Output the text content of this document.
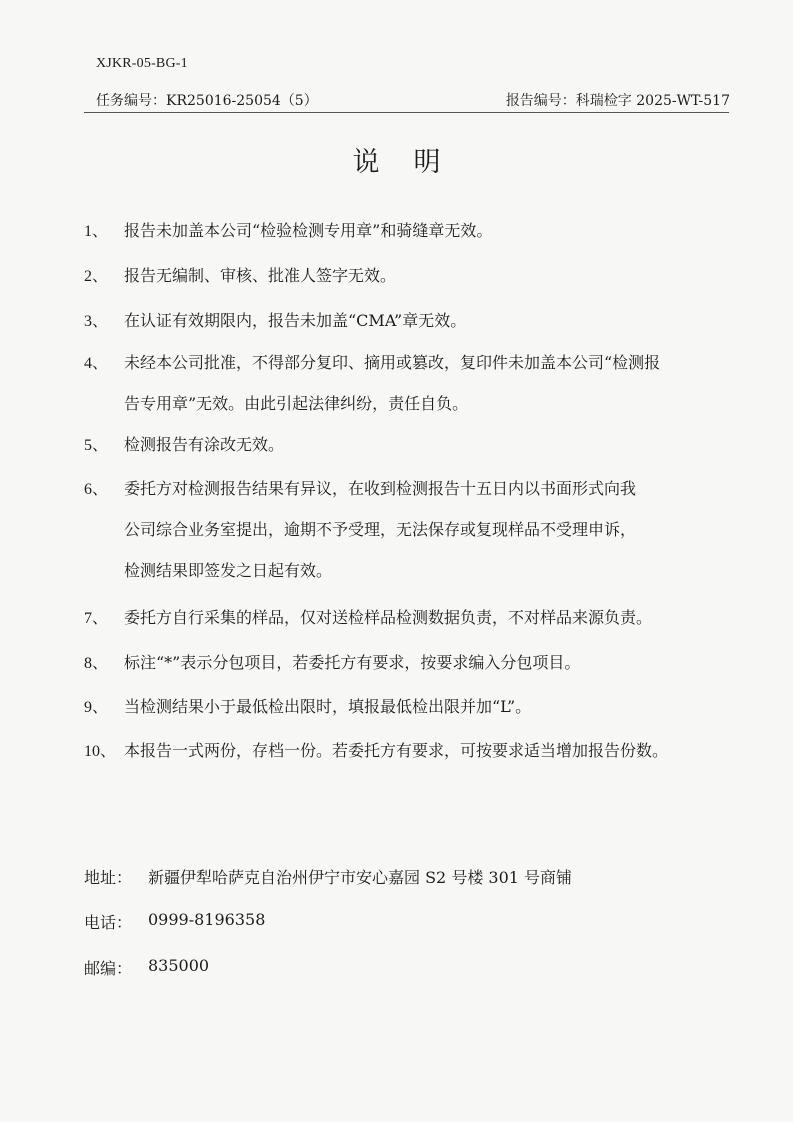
XJKR-05-BG-1
任务编号：KR25016-25054（5）	报告编号：科瑞检字 2025-WT-517
说明
1、 报告未加盖本公司“检验检测专用章”和骑缝章无效。
2、 报告无编制、审核、批准人签字无效。
3、 在认证有效期限内，报告未加盖“CMA”章无效。
4、 未经本公司批准，不得部分复印、摘用或篡改，复印件未加盖本公司“检测报
告专用章”无效。由此引起法律纠纷，责任自负。
5、 检测报告有涂改无效。
6、 委托方对检测报告结果有异议，在收到检测报告十五日内以书面形式向我
公司综合业务室提出，逾期不予受理，无法保存或复现样品不受理申诉，
检测结果即签发之日起有效。
7、 委托方自行采集的样品，仅对送检样品检测数据负责，不对样品来源负责。
8、 标注“*”表示分包项目，若委托方有要求，按要求编入分包项目。
9、 当检测结果小于最低检出限时，填报最低检出限并加“L”。
10、 本报告一式两份，存档一份。若委托方有要求，可按要求适当增加报告份数。
地址： 新疆伊犁哈萨克自治州伊宁市安心嘉园 S2 号楼 301 号商铺
电话： 0999-8196358
邮编： 835000
